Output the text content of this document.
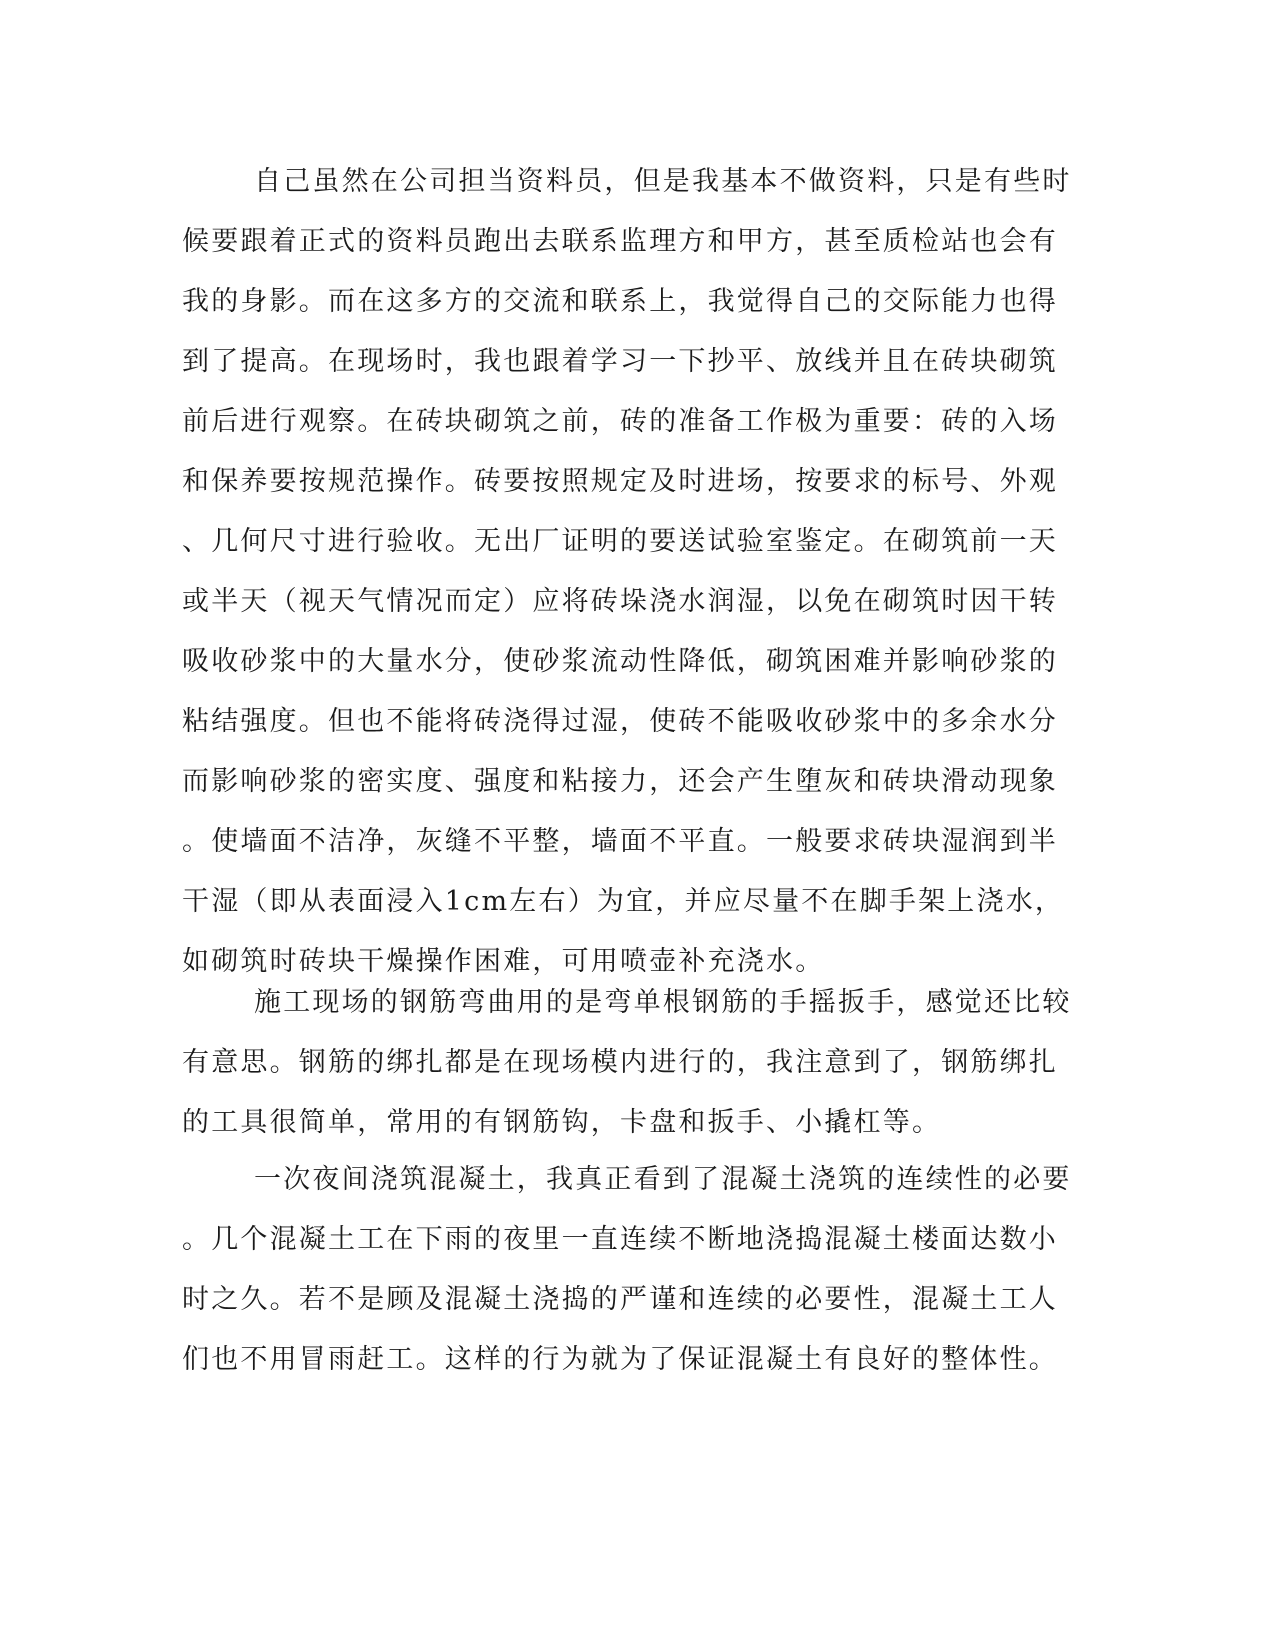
自己虽然在公司担当资料员，但是我基本不做资料，只是有些时
候要跟着正式的资料员跑出去联系监理方和甲方，甚至质检站也会有
我的身影。而在这多方的交流和联系上，我觉得自己的交际能力也得
到了提高。在现场时，我也跟着学习一下抄平、放线并且在砖块砌筑
前后进行观察。在砖块砌筑之前，砖的准备工作极为重要：砖的入场
和保养要按规范操作。砖要按照规定及时进场，按要求的标号、外观
、几何尺寸进行验收。无出厂证明的要送试验室鉴定。在砌筑前一天
或半天（视天气情况而定）应将砖垛浇水润湿，以免在砌筑时因干转
吸收砂浆中的大量水分，使砂浆流动性降低，砌筑困难并影响砂浆的
粘结强度。但也不能将砖浇得过湿，使砖不能吸收砂浆中的多余水分
而影响砂浆的密实度、强度和粘接力，还会产生堕灰和砖块滑动现象
。使墙面不洁净，灰缝不平整，墙面不平直。一般要求砖块湿润到半
干湿（即从表面浸入1cm左右）为宜，并应尽量不在脚手架上浇水，
如砌筑时砖块干燥操作困难，可用喷壶补充浇水。
施工现场的钢筋弯曲用的是弯单根钢筋的手摇扳手，感觉还比较
有意思。钢筋的绑扎都是在现场模内进行的，我注意到了，钢筋绑扎
的工具很简单，常用的有钢筋钩，卡盘和扳手、小撬杠等。
一次夜间浇筑混凝土，我真正看到了混凝土浇筑的连续性的必要
。几个混凝土工在下雨的夜里一直连续不断地浇捣混凝土楼面达数小
时之久。若不是顾及混凝土浇捣的严谨和连续的必要性，混凝土工人
们也不用冒雨赶工。这样的行为就为了保证混凝土有良好的整体性。
